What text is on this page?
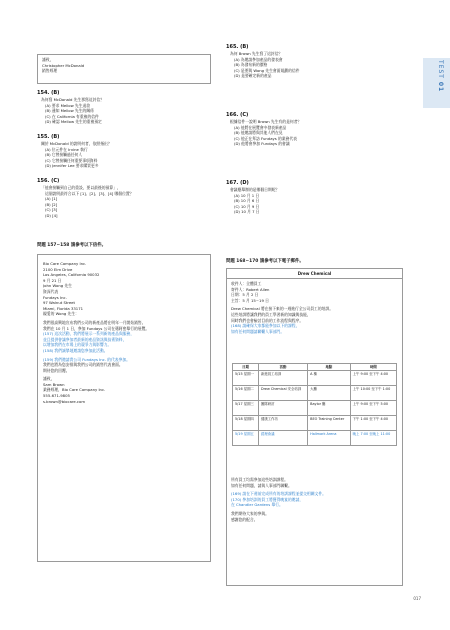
TEST 01
謹致，
Christopher McDonald
銷售經理
154. (B)
為何寫 McDonald 先生那寫這封信？
(A) 要求 Mellow 先生退款
(B) 通知 Mellow 先生的關係
(C) 在 California 有重複的信件
(D) 確認 Mellow 先生的重複預定
155. (B)
關於 McDonald 的說明何者，依照指出？
(A) 位元件在 Irvine 執行
(B) 它曾接觸過任何人
(C) 它曾接觸任何重要事項資料
(D) Jennifer Lee 要求購買更多
156. (C)
「他會接觸到自己的重設，要以最後的預算」，
這個說明最符合以下 [1]、[2]、[3]、[4] 哪個位置？
(A) [1]
(B) [2]
(C) [3]
(D) [4]
問題 157~158 請參考以下信件。
Bio Care Company Inc.
2100 Elm Drive
Los Angeles, California 90032
9 月 21 日
John Wong 先生
資深代表
Fundays Inc.
97 Walnut Street
Miami, Florida 33171
親愛的 Wong 先生：
我們很高興地宣布我們公司的新產品將在明年一月開始銷售。
我們在 10 月 1 日，參加 Fundays 公司在邁阿密舉行的展覽。
(157) 這次活動，我們將展示一系列新的產品與服務，
並且提供會議參加者最新的產品資訊與技術資料，
以增加我們在市場上的競爭力與影響力。
(158) 我們誠摯地邀請您參加此活動。
(159) 我們邀請貴公司 Fundays Inc. 的代表參加。
我們也將為您安排與我們公司的銷售代表會面。
期待您的回覆。
謹致，
Sam Brown
業務經理，Bio Care Company Inc.
555-671-9805
s.brown@biocare.com
165. (B)
為何 Brown 先生寫了這封信？
(A) 為邀請參加產品的發表會
(B) 為發布新的價格
(C) 是要與 Wong 先生會面規劃的信件
(D) 是要確定新的產品
166. (C)
根據信件一說明 Brown 先生有的是何者？
(A) 他將在展覽會中發表新產品
(B) 他邀請將與其他人們在見
(C) 他正在拜訪 Fundays 的業務代表
(D) 他將會參加 Fundays 的會議
167. (D)
會議應舉辦的是哪個日期呢？
(A) 10 月 1 日
(B) 10 月 6 日
(C) 10 月 9 日
(D) 10 月 7 日
問題 168~170 請參考以下電子郵件。
Drew Chemical
收件人：全體員工
寄件人：Robert Allen
日期：5 月 2 日
主旨：5 月 15~19 日
Drew Chemical 將在接下來的一週進行全公司員工的培訓。
這些培訓將讓我們的員工學習新的知識與技能，
同時我們也會檢討目前的工作流程與程序。
(168) 請確保大家都能參加以下的課程，
如有任何問題請聯繫人事部門。
日期	活動	地點	時間
5/15 星期一	新進員工培訓	A 棟	上午 9:00 至下午 4:00
5/16 星期二	Drew Chemical 安全培訓	大廳	上午 10:00 至下午 1:00
5/17 星期三	團隊研討	Baylor 廳	上午 9:00 至下午 5:00
5/18 星期四	健康工作坊	BEO Training Center	下午 1:00 至下午 4:00
5/19 星期五	經理會議	Hallmark Arena	晚上 7:00 至晚上 11:00
所有員工均需參加這些培訓課程。
如有任何問題，請與人事部門聯繫。
(169) 請在下週前完成所有的培訓課程並提交相關文件。
(170) 參加培訓的員工將獲得晚宴的邀請，
在 Chandler Gardens 舉行。
我們期待大家的參與。
感謝您的配合。
017
